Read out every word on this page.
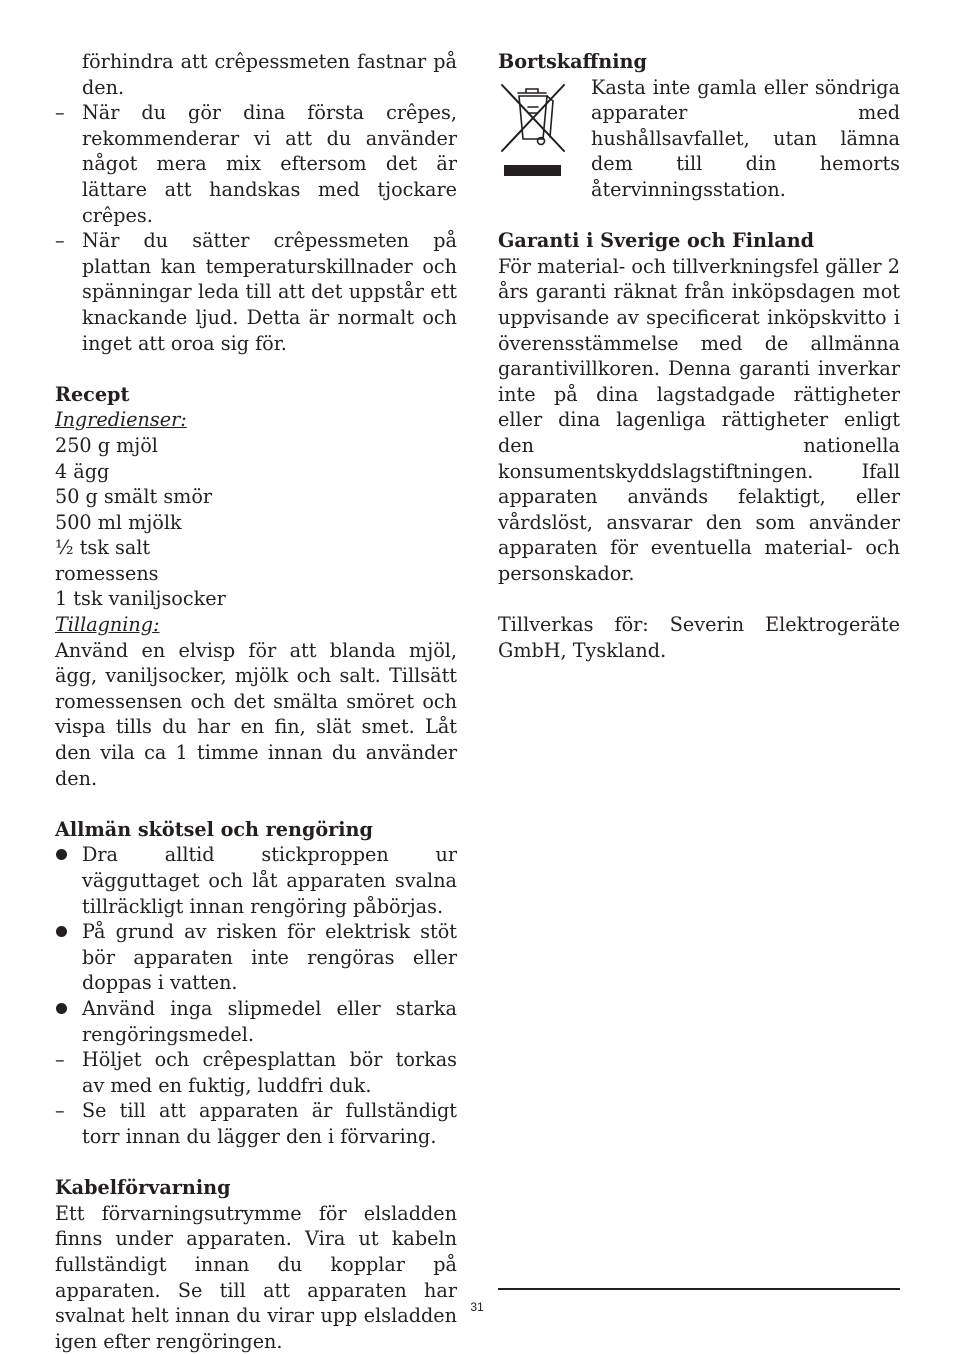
förhindra att crêpessmeten fastnar på den.
–
När du gör dina första crêpes, rekommenderar vi att du använder något mera mix eftersom det är lättare att handskas med tjockare crêpes.
–
När du sätter crêpessmeten på plattan kan temperaturskillnader och spänningar leda till att det uppstår ett knackande ljud. Detta är normalt och inget att oroa sig för.

Recept

Ingredienser:

250 g mjöl

4 ägg

50 g smält smör

500 ml mjölk

½ tsk salt

romessens

1 tsk vaniljsocker

Tillagning:

Använd en elvisp för att blanda mjöl, ägg, vaniljsocker, mjölk och salt. Tillsätt romessensen och det smälta smöret och vispa tills du har en fin, slät smet. Låt den vila ca 1 timme innan du använder den.

Allmän skötsel och rengöring

Dra alltid stickproppen ur vägguttaget och låt apparaten svalna tillräckligt innan rengöring påbörjas.
På grund av risken för elektrisk stöt bör apparaten inte rengöras eller doppas i vatten.
Använd inga slipmedel eller starka rengöringsmedel.
–
Höljet och crêpesplattan bör torkas av med en fuktig, luddfri duk.
–
Se till att apparaten är fullständigt torr innan du lägger den i förvaring.

Kabelförvarning

Ett förvarningsutrymme för elsladden finns under apparaten. Vira ut kabeln fullständigt innan du kopplar på apparaten. Se till att apparaten har svalnat helt innan du virar upp elsladden igen efter rengöringen.

Bortskaffning

Kasta inte gamla eller söndriga apparater med hushållsavfallet, utan lämna dem till din hemorts återvinningsstation.

Garanti i Sverige och Finland

För material- och tillverkningsfel gäller 2 års garanti räknat från inköpsdagen mot uppvisande av specificerat inköpskvitto i överensstämmelse med de allmänna garantivillkoren. Denna garanti inverkar inte på dina lagstadgade rättigheter eller dina lagenliga rättigheter enligt den nationella konsumentskyddslagstiftningen. Ifall apparaten används felaktigt, eller vårdslöst, ansvarar den som använder apparaten för eventuella material- och personskador.

Tillverkas för: Severin Elektrogeräte GmbH, Tyskland.

31
